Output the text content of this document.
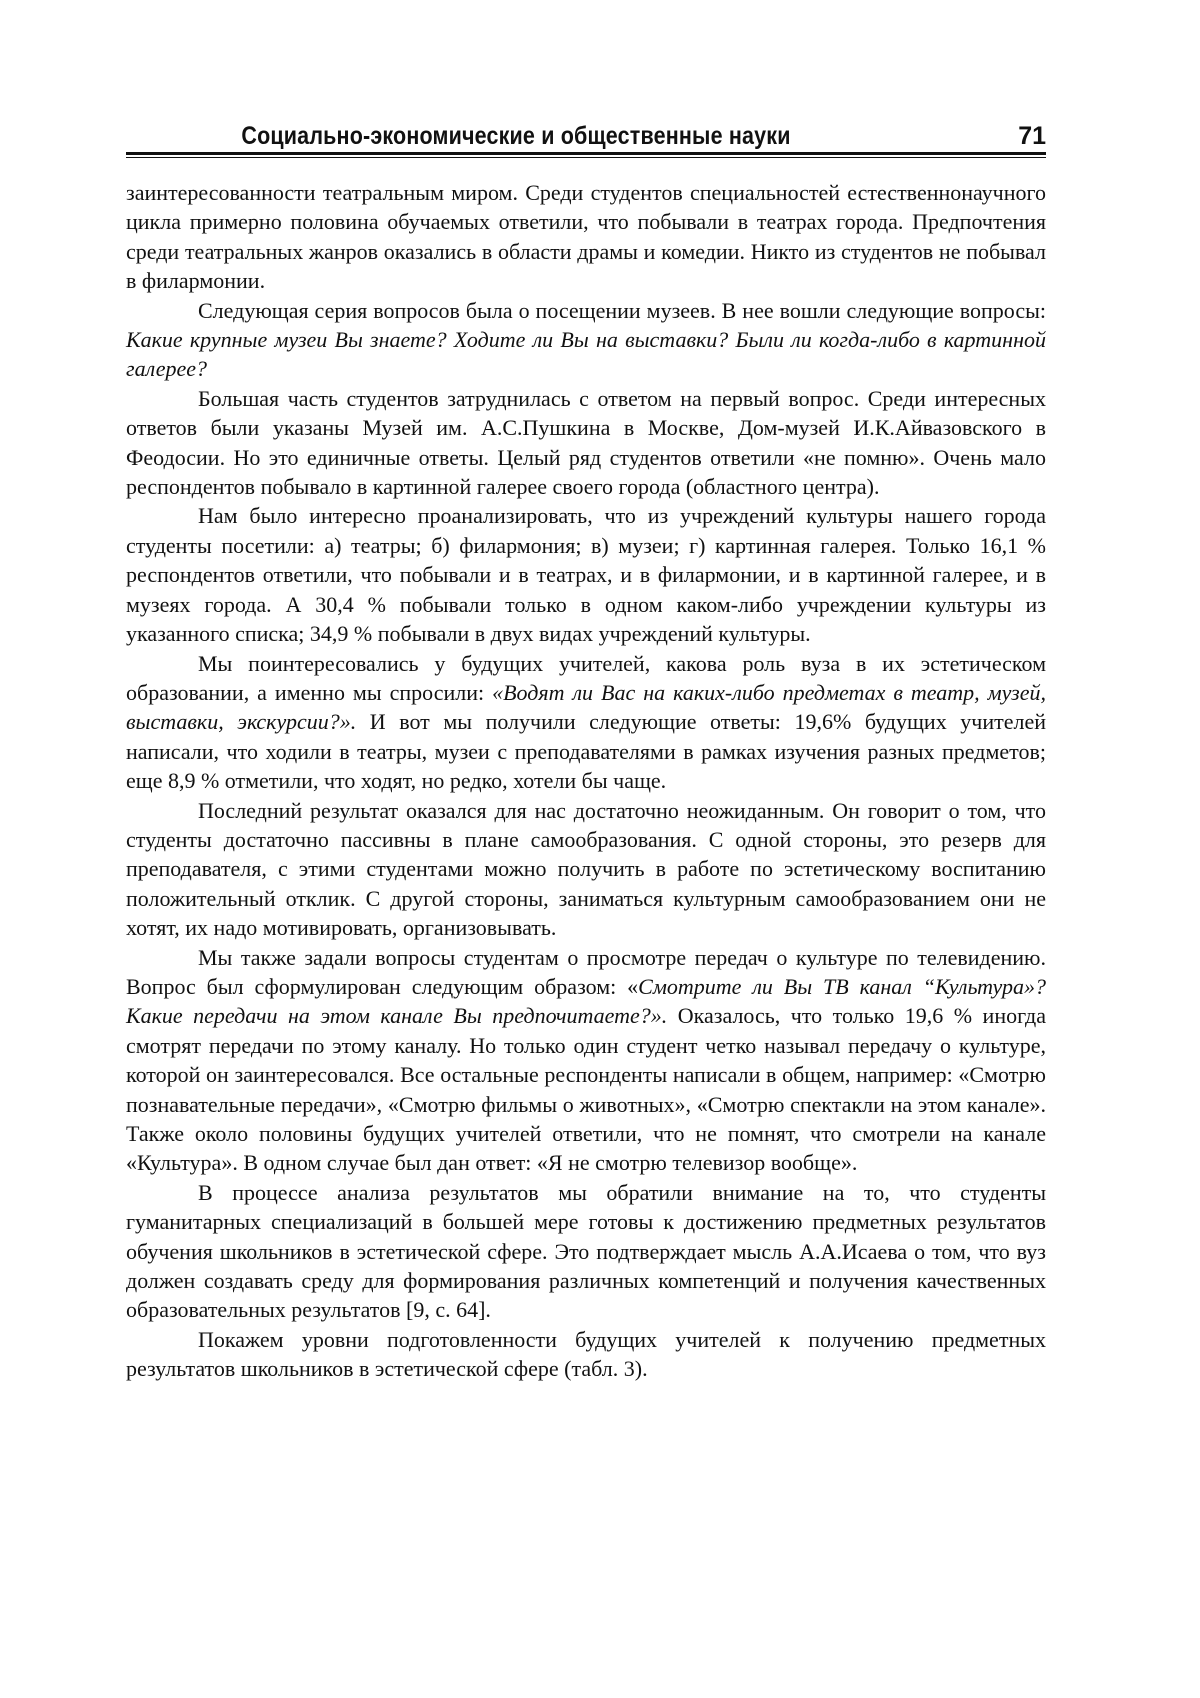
Социально-экономические и общественные науки	71

заинтересованности театральным миром. Среди студентов специальностей естественнонаучного цикла примерно половина обучаемых ответили, что побывали в театрах города. Предпочтения среди театральных жанров оказались в области драмы и комедии. Никто из студентов не побывал в филармонии.

Следующая серия вопросов была о посещении музеев. В нее вошли следующие вопросы: Какие крупные музеи Вы знаете? Ходите ли Вы на выставки? Были ли когда-либо в картинной галерее?

Большая часть студентов затруднилась с ответом на первый вопрос. Среди интересных ответов были указаны Музей им. А.С.Пушкина в Москве, Дом-музей И.К.Айвазовского в Феодосии. Но это единичные ответы. Целый ряд студентов ответили «не помню». Очень мало респондентов побывало в картинной галерее своего города (областного центра).

Нам было интересно проанализировать, что из учреждений культуры нашего города студенты посетили: а) театры; б) филармония; в) музеи; г) картинная галерея. Только 16,1 % респондентов ответили, что побывали и в театрах, и в филармонии, и в картинной галерее, и в музеях города. А 30,4 % побывали только в одном каком-либо учреждении культуры из указанного списка; 34,9 % побывали в двух видах учреждений культуры.

Мы поинтересовались у будущих учителей, какова роль вуза в их эстетическом образовании, а именно мы спросили: «Водят ли Вас на каких-либо предметах в театр, музей, выставки, экскурсии?». И вот мы получили следующие ответы: 19,6% будущих учителей написали, что ходили в театры, музеи с преподавателями в рамках изучения разных предметов; еще 8,9 % отметили, что ходят, но редко, хотели бы чаще.

Последний результат оказался для нас достаточно неожиданным. Он говорит о том, что студенты достаточно пассивны в плане самообразования. С одной стороны, это резерв для преподавателя, с этими студентами можно получить в работе по эстетическому воспитанию положительный отклик. С другой стороны, заниматься культурным самообразованием они не хотят, их надо мотивировать, организовывать.

Мы также задали вопросы студентам о просмотре передач о культуре по телевидению. Вопрос был сформулирован следующим образом: «Смотрите ли Вы ТВ канал “Культура»? Какие передачи на этом канале Вы предпочитаете?». Оказалось, что только 19,6 % иногда смотрят передачи по этому каналу. Но только один студент четко называл передачу о культуре, которой он заинтересовался. Все остальные респонденты написали в общем, например: «Смотрю познавательные передачи», «Смотрю фильмы о животных», «Смотрю спектакли на этом канале». Также около половины будущих учителей ответили, что не помнят, что смотрели на канале «Культура». В одном случае был дан ответ: «Я не смотрю телевизор вообще».

В процессе анализа результатов мы обратили внимание на то, что студенты гуманитарных специализаций в большей мере готовы к достижению предметных результатов обучения школьников в эстетической сфере. Это подтверждает мысль А.А.Исаева о том, что вуз должен создавать среду для формирования различных компетенций и получения качественных образовательных результатов [9, с. 64].

Покажем уровни подготовленности будущих учителей к получению предметных результатов школьников в эстетической сфере (табл. 3).
